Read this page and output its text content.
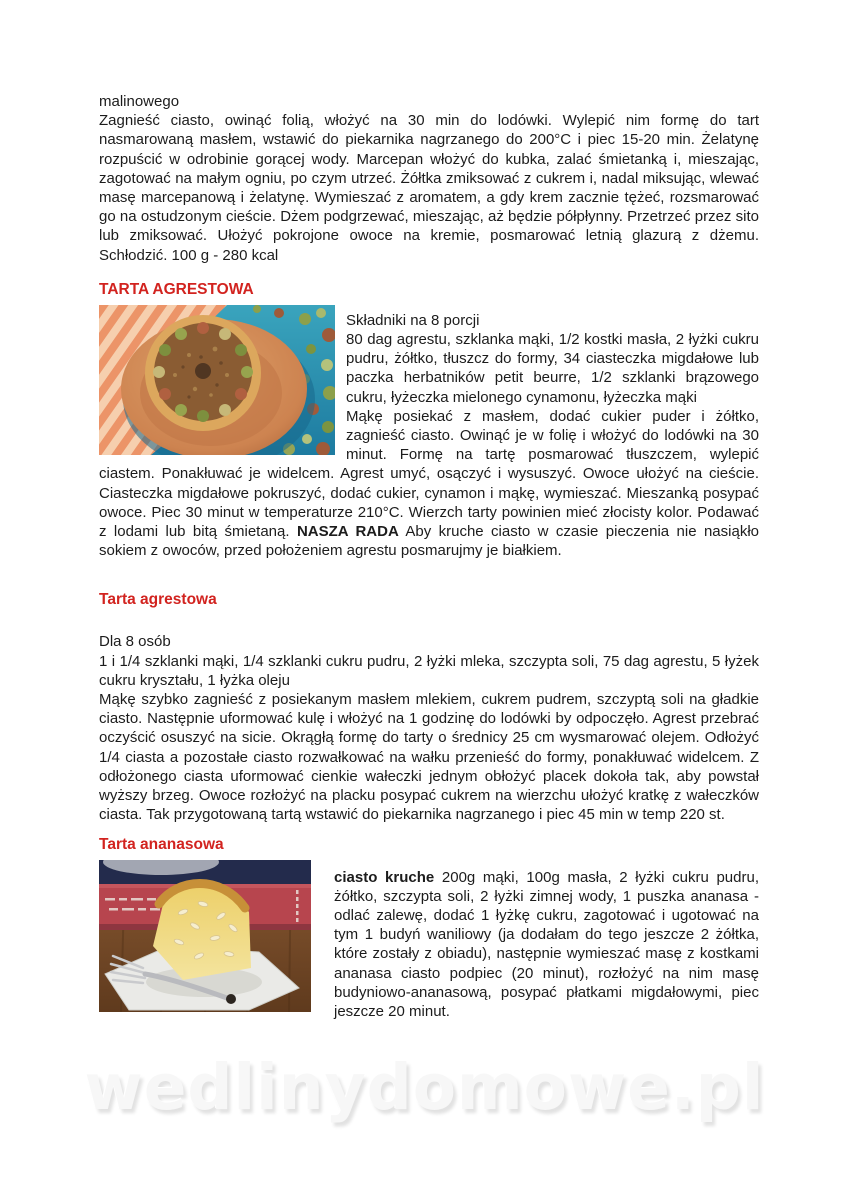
malinowego

Zagnieść ciasto, owinąć folią, włożyć na 30 min do lodówki. Wylepić nim formę do tart nasmarowaną masłem, wstawić do piekarnika nagrzanego do 200°C i piec 15-20 min. Żelatynę rozpuścić w odrobinie gorącej wody. Marcepan włożyć do kubka, zalać śmietanką i, mieszając, zagotować na małym ogniu, po czym utrzeć. Żółtka zmiksować z cukrem i, nadal miksując, wlewać masę marcepanową i żelatynę. Wymieszać z aromatem, a gdy krem zacznie tężeć, rozsmarować go na ostudzonym cieście. Dżem podgrzewać, mieszając, aż będzie półpłynny. Przetrzeć przez sito lub zmiksować. Ułożyć pokrojone owoce na kremie, posmarować letnią glazurą z dżemu. Schłodzić. 100 g - 280 kcal

TARTA AGRESTOWA

Składniki na 8 porcji

80 dag agrestu, szklanka mąki, 1/2 kostki masła, 2 łyżki cukru pudru, żółtko, tłuszcz do formy, 34 ciasteczka migdałowe lub paczka herbatników petit beurre, 1/2 szklanki brązowego cukru, łyżeczka mielonego cynamonu, łyżeczka mąki

Mąkę posiekać z masłem, dodać cukier puder i żółtko, zagnieść ciasto. Owinąć je w folię i włożyć do lodówki na 30 minut. Formę na tartę posmarować tłuszczem, wylepić ciastem. Ponakłuwać je widelcem. Agrest umyć, osączyć i wysuszyć. Owoce ułożyć na cieście. Ciasteczka migdałowe pokruszyć, dodać cukier, cynamon i mąkę, wymieszać. Mieszanką posypać owoce. Piec 30 minut w temperaturze 210°C. Wierzch tarty powinien mieć złocisty kolor. Podawać z lodami lub bitą śmietaną. NASZA RADA Aby kruche ciasto w czasie pieczenia nie nasiąkło sokiem z owoców, przed położeniem agrestu posmarujmy je białkiem.

Tarta agrestowa

Dla 8 osób

1 i 1/4 szklanki mąki, 1/4 szklanki cukru pudru, 2 łyżki mleka, szczypta soli, 75 dag agrestu, 5 łyżek cukru kryształu, 1 łyżka oleju

Mąkę szybko zagnieść z posiekanym masłem mlekiem, cukrem pudrem, szczyptą soli na gładkie ciasto. Następnie uformować kulę i włożyć na 1 godzinę do lodówki by odpoczęło. Agrest przebrać oczyścić osuszyć na sicie. Okrągłą formę do tarty o średnicy 25 cm wysmarować olejem. Odłożyć 1/4 ciasta a pozostałe ciasto rozwałkować na wałku przenieść do formy, ponakłuwać widelcem. Z odłożonego ciasta uformować cienkie wałeczki jednym obłożyć placek dokoła tak, aby powstał wyższy brzeg. Owoce rozłożyć na placku posypać cukrem na wierzchu ułożyć kratkę z wałeczków ciasta. Tak przygotowaną tartą wstawić do piekarnika nagrzanego i piec 45 min w temp 220 st.

Tarta ananasowa

ciasto kruche 200g mąki, 100g masła, 2 łyżki cukru pudru, żółtko, szczypta soli, 2 łyżki zimnej wody, 1 puszka ananasa - odlać zalewę, dodać 1 łyżkę cukru, zagotować i ugotować na tym 1 budyń waniliowy (ja dodałam do tego jeszcze 2 żółtka, które zostały z obiadu), następnie wymieszać masę z kostkami ananasa ciasto podpiec (20 minut), rozłożyć na nim masę budyniowo-ananasową, posypać płatkami migdałowymi, piec jeszcze 20 minut.

wedlinydomowe.pl
